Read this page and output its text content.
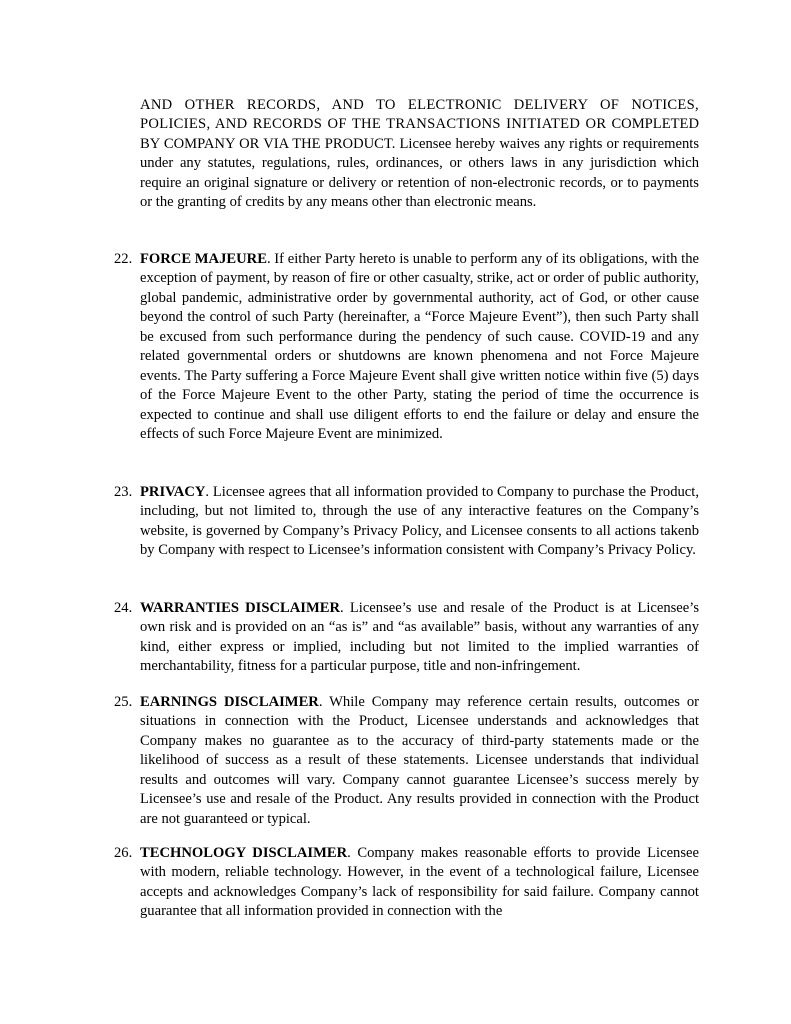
AND OTHER RECORDS, AND TO ELECTRONIC DELIVERY OF NOTICES, POLICIES, AND RECORDS OF THE TRANSACTIONS INITIATED OR COMPLETED BY COMPANY OR VIA THE PRODUCT. Licensee hereby waives any rights or requirements under any statutes, regulations, rules, ordinances, or others laws in any jurisdiction which require an original signature or delivery or retention of non-electronic records, or to payments or the granting of credits by any means other than electronic means.

22. FORCE MAJEURE. If either Party hereto is unable to perform any of its obligations, with the exception of payment, by reason of fire or other casualty, strike, act or order of public authority, global pandemic, administrative order by governmental authority, act of God, or other cause beyond the control of such Party (hereinafter, a “Force Majeure Event”), then such Party shall be excused from such performance during the pendency of such cause. COVID-19 and any related governmental orders or shutdowns are known phenomena and not Force Majeure events. The Party suffering a Force Majeure Event shall give written notice within five (5) days of the Force Majeure Event to the other Party, stating the period of time the occurrence is expected to continue and shall use diligent efforts to end the failure or delay and ensure the effects of such Force Majeure Event are minimized.

23. PRIVACY. Licensee agrees that all information provided to Company to purchase the Product, including, but not limited to, through the use of any interactive features on the Company’s website, is governed by Company’s Privacy Policy, and Licensee consents to all actions takenb by Company with respect to Licensee’s information consistent with Company’s Privacy Policy.

24. WARRANTIES DISCLAIMER. Licensee’s use and resale of the Product is at Licensee’s own risk and is provided on an “as is” and “as available” basis, without any warranties of any kind, either express or implied, including but not limited to the implied warranties of merchantability, fitness for a particular purpose, title and non-infringement.

25. EARNINGS DISCLAIMER. While Company may reference certain results, outcomes or situations in connection with the Product, Licensee understands and acknowledges that Company makes no guarantee as to the accuracy of third-party statements made or the likelihood of success as a result of these statements. Licensee understands that individual results and outcomes will vary. Company cannot guarantee Licensee’s success merely by Licensee’s use and resale of the Product. Any results provided in connection with the Product are not guaranteed or typical.

26. TECHNOLOGY DISCLAIMER. Company makes reasonable efforts to provide Licensee with modern, reliable technology. However, in the event of a technological failure, Licensee accepts and acknowledges Company’s lack of responsibility for said failure. Company cannot guarantee that all information provided in connection with the
